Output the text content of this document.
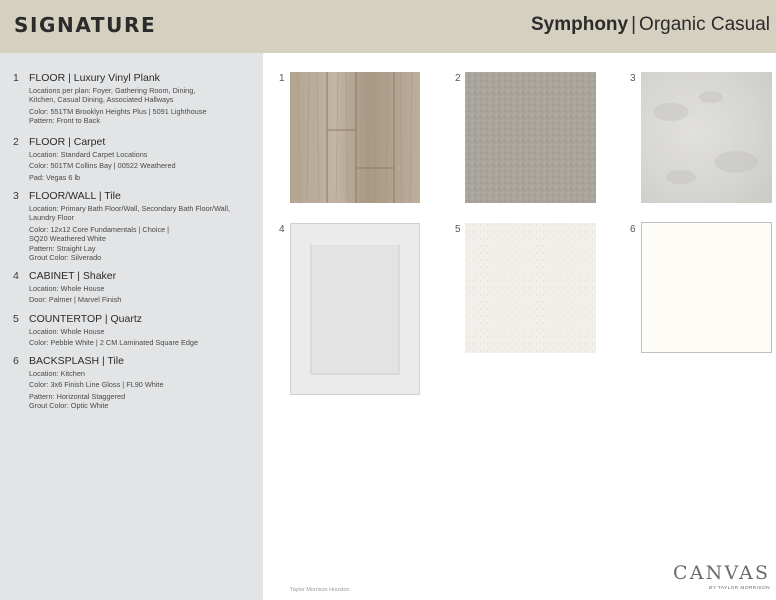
SIGNATURE	Symphony | Organic Casual
1 FLOOR | Luxury Vinyl Plank
Locations per plan: Foyer, Gathering Room, Dining,
Kitchen, Casual Dining, Associated Hallways
Color: 551TM Brooklyn Heights Plus | 5091 Lighthouse
Pattern: Front to Back
2 FLOOR | Carpet
Location: Standard Carpet Locations
Color: 501TM Collins Bay | 00522 Weathered
Pad: Vegas 6 lb
3 FLOOR/WALL | Tile
Location: Primary Bath Floor/Wall, Secondary Bath Floor/Wall,
Laundry Floor
Color: 12x12 Core Fundamentals | Choice |
SQ20 Weathered White
Pattern: Straight Lay
Grout Color: Silverado
4 CABINET | Shaker
Location: Whole House
Door: Palmer | Marvel Finish
5 COUNTERTOP | Quartz
Location: Whole House
Color: Pebble White | 2 CM Laminated Square Edge
6 BACKSPLASH | Tile
Location: Kitchen
Color: 3x6 Finish Line Gloss | FL90 White
Pattern: Horizontal Staggered
Grout Color: Optic White
1	2	3
4	5	6
Taylor Morrison Houston
CANVAS
BY TAYLOR MORRISON
